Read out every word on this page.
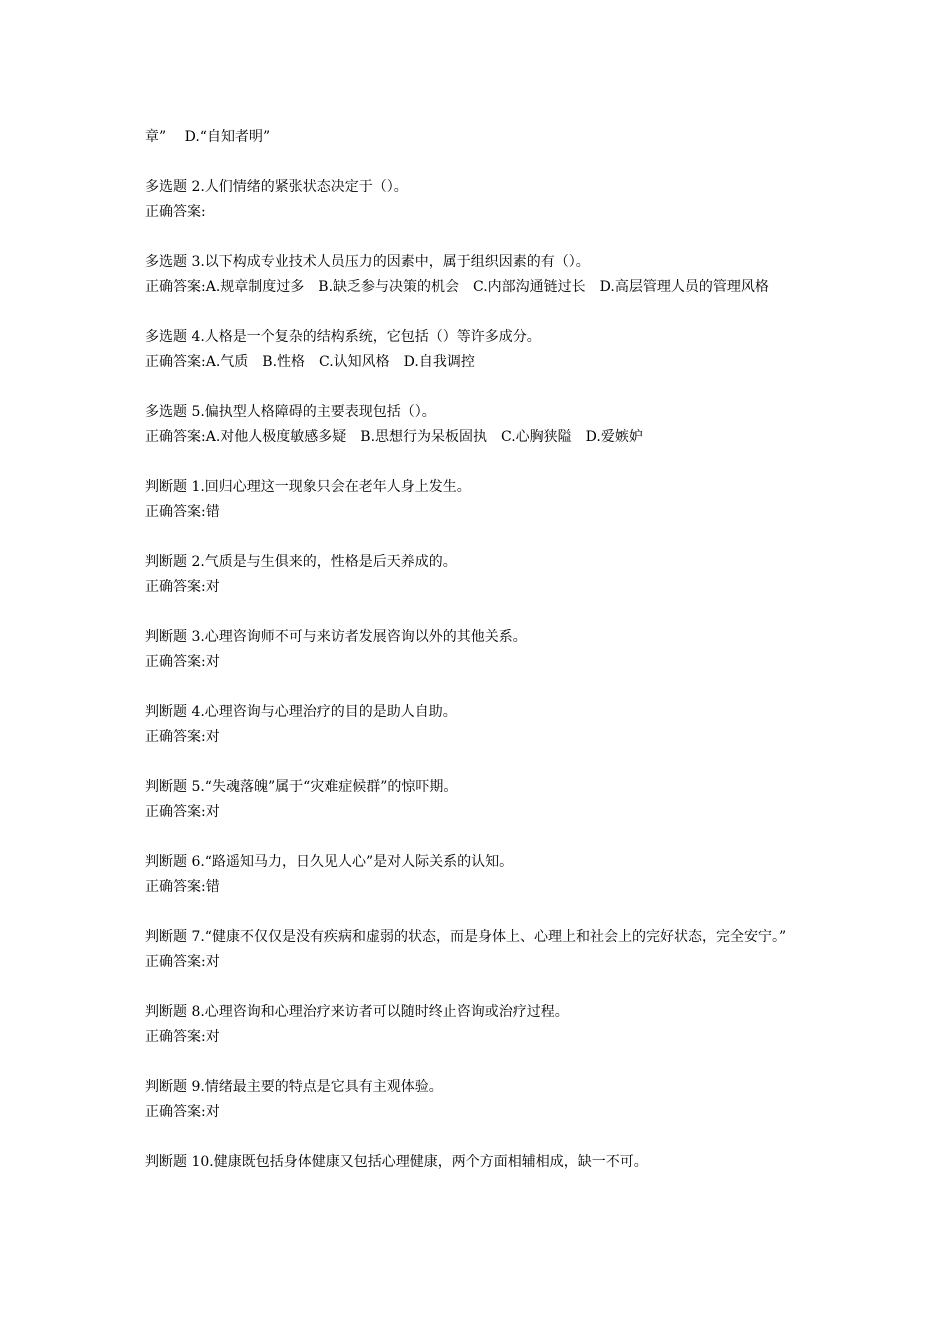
章”　 D.“自知者明”

多选题 2.人们情绪的紧张状态决定于（）。

正确答案:

多选题 3.以下构成专业技术人员压力的因素中，属于组织因素的有（）。

正确答案:A.规章制度过多　B.缺乏参与决策的机会　C.内部沟通链过长　D.高层管理人员的管理风格

多选题 4.人格是一个复杂的结构系统，它包括（）等许多成分。

正确答案:A.气质　B.性格　C.认知风格　D.自我调控

多选题 5.偏执型人格障碍的主要表现包括（）。

正确答案:A.对他人极度敏感多疑　B.思想行为呆板固执　C.心胸狭隘　D.爱嫉妒

判断题 1.回归心理这一现象只会在老年人身上发生。

正确答案:错

判断题 2.气质是与生俱来的，性格是后天养成的。

正确答案:对

判断题 3.心理咨询师不可与来访者发展咨询以外的其他关系。

正确答案:对

判断题 4.心理咨询与心理治疗的目的是助人自助。

正确答案:对

判断题 5.“失魂落魄”属于“灾难症候群”的惊吓期。

正确答案:对

判断题 6.“路遥知马力，日久见人心”是对人际关系的认知。

正确答案:错

判断题 7.“健康不仅仅是没有疾病和虚弱的状态，而是身体上、心理上和社会上的完好状态，完全安宁。”

正确答案:对

判断题 8.心理咨询和心理治疗来访者可以随时终止咨询或治疗过程。

正确答案:对

判断题 9.情绪最主要的特点是它具有主观体验。

正确答案:对

判断题 10.健康既包括身体健康又包括心理健康，两个方面相辅相成，缺一不可。
